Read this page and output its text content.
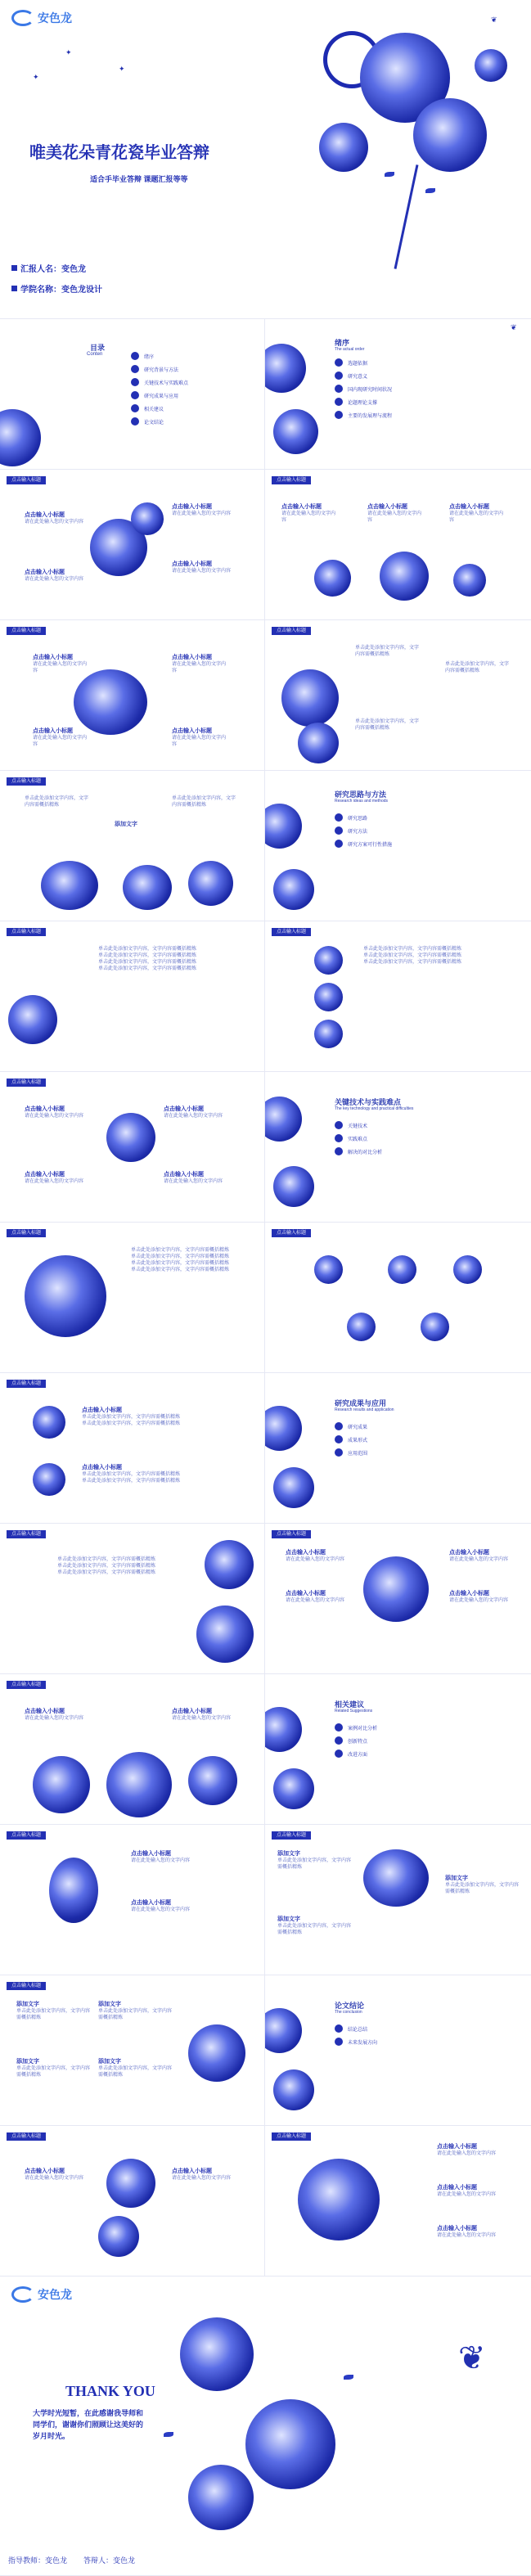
安色龙
✦
✦
✦
❦
唯美花朵青花瓷毕业答辩
适合手毕业答辩 课题汇报等等
汇报人名：变色龙
学院名称：变色龙设计
目录
Conten
绪序
研究背景与方法
关键技术与实践难点
研究成果与应用
相关建议
论文结论
绪序
The actual order
选题依据
研究意义
国内现研究时间状况
论题理论支撑
主要的发展理与流程
❦
点击输入标题
点击输入小标题
请在此处输入您的文字内容
点击输入小标题
请在此处输入您的文字内容
点击输入小标题
请在此处输入您的文字内容
点击输入小标题
请在此处输入您的文字内容
点击输入标题
点击输入小标题
请在此处输入您的文字内容
点击输入小标题
请在此处输入您的文字内容
点击输入小标题
请在此处输入您的文字内容
点击输入标题
点击输入小标题
请在此处输入您的文字内容
点击输入小标题
请在此处输入您的文字内容
点击输入小标题
请在此处输入您的文字内容
点击输入小标题
请在此处输入您的文字内容
点击输入标题
单击此处添加文字内容，文字内容需概括精炼
单击此处添加文字内容，文字内容需概括精炼
单击此处添加文字内容，文字内容需概括精炼
点击输入标题
单击此处添加文字内容，文字内容需概括精炼
单击此处添加文字内容，文字内容需概括精炼
添加文字
研究思路与方法
Research ideas and methods
研究思路
研究方法
研究方案可行性措施
点击输入标题
单击此处添加文字内容，文字内容需概括精炼
单击此处添加文字内容，文字内容需概括精炼
单击此处添加文字内容，文字内容需概括精炼
单击此处添加文字内容，文字内容需概括精炼
点击输入标题
单击此处添加文字内容，文字内容需概括精炼
单击此处添加文字内容，文字内容需概括精炼
单击此处添加文字内容，文字内容需概括精炼
点击输入标题
点击输入小标题
请在此处输入您的文字内容
点击输入小标题
请在此处输入您的文字内容
点击输入小标题
请在此处输入您的文字内容
点击输入小标题
请在此处输入您的文字内容
关键技术与实践难点
The key technology and practical difficulties
关键技术
实践难点
解决的对比分析
点击输入标题
单击此处添加文字内容，文字内容需概括精炼
单击此处添加文字内容，文字内容需概括精炼
单击此处添加文字内容，文字内容需概括精炼
单击此处添加文字内容，文字内容需概括精炼
点击输入标题
点击输入标题
点击输入小标题
单击此处添加文字内容，文字内容需概括精炼
单击此处添加文字内容，文字内容需概括精炼
点击输入小标题
单击此处添加文字内容，文字内容需概括精炼
单击此处添加文字内容，文字内容需概括精炼
研究成果与应用
Research results and application
研究成果
成果形式
应用范围
点击输入标题
单击此处添加文字内容，文字内容需概括精炼
单击此处添加文字内容，文字内容需概括精炼
单击此处添加文字内容，文字内容需概括精炼
点击输入标题
点击输入小标题
请在此处输入您的文字内容
点击输入小标题
请在此处输入您的文字内容
点击输入小标题
请在此处输入您的文字内容
点击输入小标题
请在此处输入您的文字内容
点击输入标题
点击输入小标题
请在此处输入您的文字内容
点击输入小标题
请在此处输入您的文字内容
相关建议
Related Suggestions
案例对比分析
创新特点
改进方面
点击输入标题
点击输入小标题
请在此处输入您的文字内容
点击输入小标题
请在此处输入您的文字内容
点击输入标题
添加文字
单击此处添加文字内容，文字内容需概括精炼
添加文字
单击此处添加文字内容，文字内容需概括精炼
添加文字
单击此处添加文字内容，文字内容需概括精炼
点击输入标题
添加文字
单击此处添加文字内容，文字内容需概括精炼
添加文字
单击此处添加文字内容，文字内容需概括精炼
添加文字
单击此处添加文字内容，文字内容需概括精炼
添加文字
单击此处添加文字内容，文字内容需概括精炼
论文结论
The conclusion
结论总结
未来发展方向
点击输入标题
点击输入小标题
请在此处输入您的文字内容
点击输入小标题
请在此处输入您的文字内容
点击输入标题
点击输入小标题
请在此处输入您的文字内容
点击输入小标题
请在此处输入您的文字内容
点击输入小标题
请在此处输入您的文字内容
安色龙
❦
THANK YOU
大学时光短暂，在此感谢我导师和同学们，谢谢你们照顾让这美好的岁月时光。
指导教师：变色龙 答辩人：变色龙
